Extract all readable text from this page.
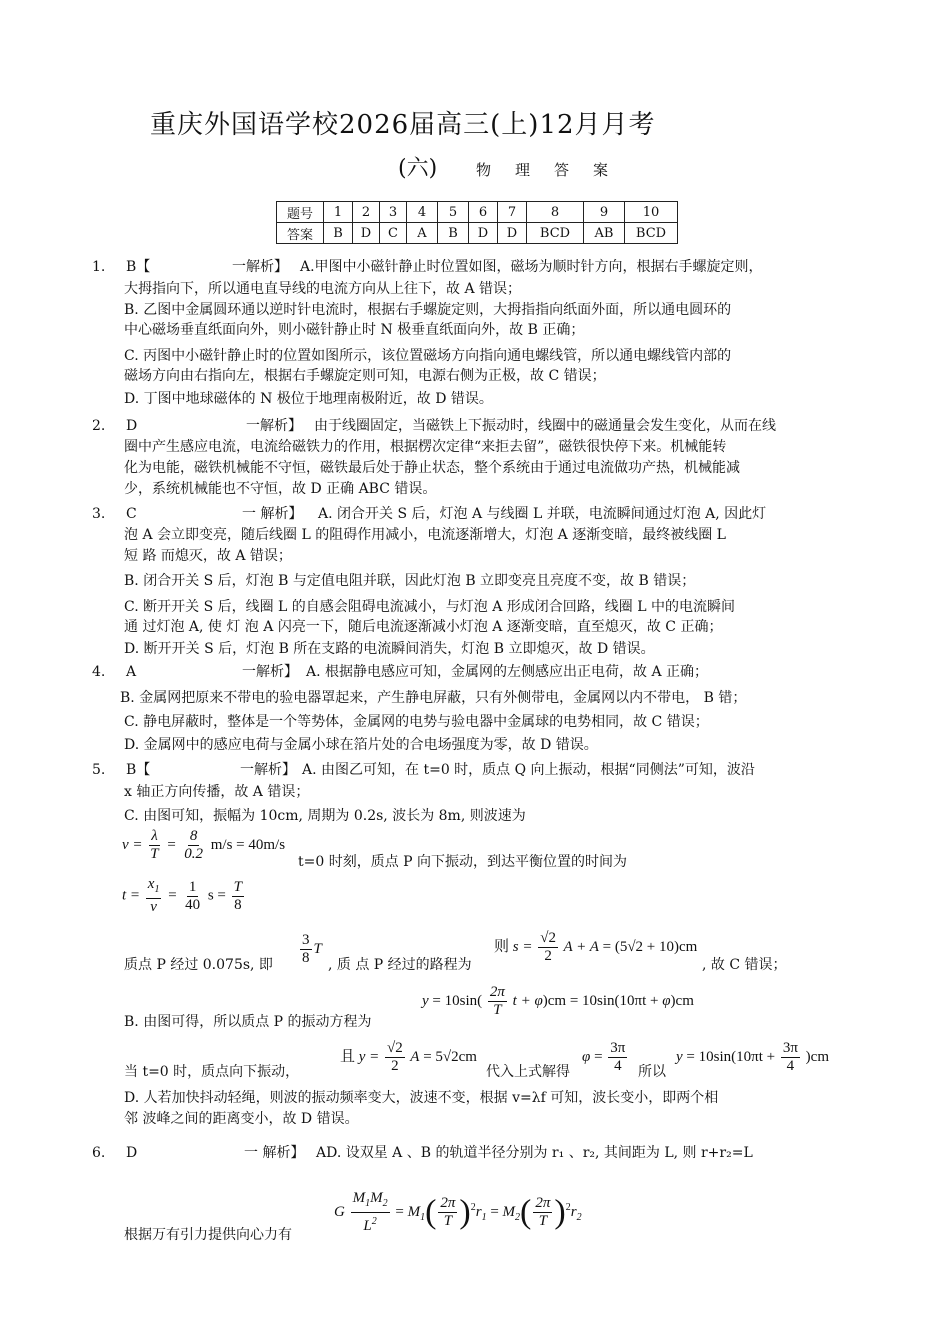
重庆外国语学校2026届高三(上)12月月考
(六)	物理答案
题号	1	2	3	4	5	6	7	8	9	10
答案	B	D	C	A	B	D	D	BCD	AB	BCD
1. B【	一解析】 A.甲图中小磁针静止时位置如图，磁场为顺时针方向，根据右手螺旋定则，
大拇指向下，所以通电直导线的电流方向从上往下，故 A 错误；
B. 乙图中金属圆环通以逆时针电流时，根据右手螺旋定则，大拇指指向纸面外面，所以通电圆环的
中心磁场垂直纸面向外，则小磁针静止时 N 极垂直纸面向外，故 B 正确；
C. 丙图中小磁针静止时的位置如图所示，该位置磁场方向指向通电螺线管，所以通电螺线管内部的
磁场方向由右指向左，根据右手螺旋定则可知，电源右侧为正极，故 C 错误；
D. 丁图中地球磁体的 N 极位于地理南极附近，故 D 错误。
2. D	一解析】 由于线圈固定，当磁铁上下振动时，线圈中的磁通量会发生变化，从而在线
圈中产生感应电流，电流给磁铁力的作用，根据楞次定律“来拒去留”，磁铁很快停下来。机械能转
化为电能，磁铁机械能不守恒，磁铁最后处于静止状态，整个系统由于通过电流做功产热，机械能减
少，系统机械能也不守恒，故 D 正确 ABC 错误。
3. C	一 解析】 A. 闭合开关 S 后，灯泡 A 与线圈 L 并联，电流瞬间通过灯泡 A, 因此灯
泡 A 会立即变亮，随后线圈 L 的阻碍作用减小，电流逐渐增大，灯泡 A 逐渐变暗，最终被线圈 L
短 路 而熄灭，故 A 错误；
B. 闭合开关 S 后，灯泡 B 与定值电阻并联，因此灯泡 B 立即变亮且亮度不变，故 B 错误；
C. 断开开关 S 后，线圈 L 的自感会阻碍电流减小，与灯泡 A 形成闭合回路，线圈 L 中的电流瞬间
通 过灯泡 A, 使 灯 泡 A 闪亮一下，随后电流逐渐减小灯泡 A 逐渐变暗，直至熄灭，故 C 正确；
D. 断开开关 S 后，灯泡 B 所在支路的电流瞬间消失，灯泡 B 立即熄灭，故 D 错误。
4. A	一解析】 A. 根据静电感应可知，金属网的左侧感应出正电荷，故 A 正确；
B. 金属网把原来不带电的验电器罩起来，产生静电屏蔽，只有外侧带电，金属网以内不带电， B 错；
C. 静电屏蔽时，整体是一个等势体，金属网的电势与验电器中金属球的电势相同，故 C 错误；
D. 金属网中的感应电荷与金属小球在箔片处的合电场强度为零，故 D 错误。
5. B【	一解析】 A. 由图乙可知，在 t=0 时，质点 Q 向上振动，根据“同侧法”可知，波沿
x 轴正方向传播，故 A 错误；
C. 由图可知，振幅为 10cm, 周期为 0.2s, 波长为 8m, 则波速为
$v = \frac{\lambda}{T} = \frac{8}{0.2} m/s = 40m/s$
t=0 时刻，质点 P 向下振动，到达平衡位置的时间为
$t = \frac{x_1}{v} = \frac{1}{40}$ $s = \frac{T}{8}$
质点 P 经过 0.075s, 即 $\frac{3}{8}$ T
, 质 点 P 经过的路程为
则 $s = \frac{√2}{2}$ A + A = (5√2 + 10)cm
, 故 C 错误；
B. 由图可得，所以质点 P 的振动方程为
$y = 10\sin( \frac{2\pi}{T}$ t + φ)cm = 10sin(10πt + φ)cm
当 t=0 时，质点向下振动，
且 $y = \frac{√2}{2}$ A = 5√2cm
代入上式解得
$\varphi = \frac{3\pi}{4}$ 所以
$y = 10\sin(10\pi t + \frac{3\pi}{4} )cm$
D. 人若加快抖动轻绳，则波的振动频率变大，波速不变，根据 v=λf 可知，波长变小，即两个相
邻 波峰之间的距离变小，故 D 错误。
6. D	一 解析】 AD. 设双星 A 、B 的轨道半径分别为 r₁ 、r₂, 其间距为 L, 则 r+r₂=L
根据万有引力提供向心力有
G $\frac{M_1M_2}{L^2} = M_1( \frac{2\pi}{T} )^2r_1 = M_2( \frac{2\pi}{T} )^2r_2$
